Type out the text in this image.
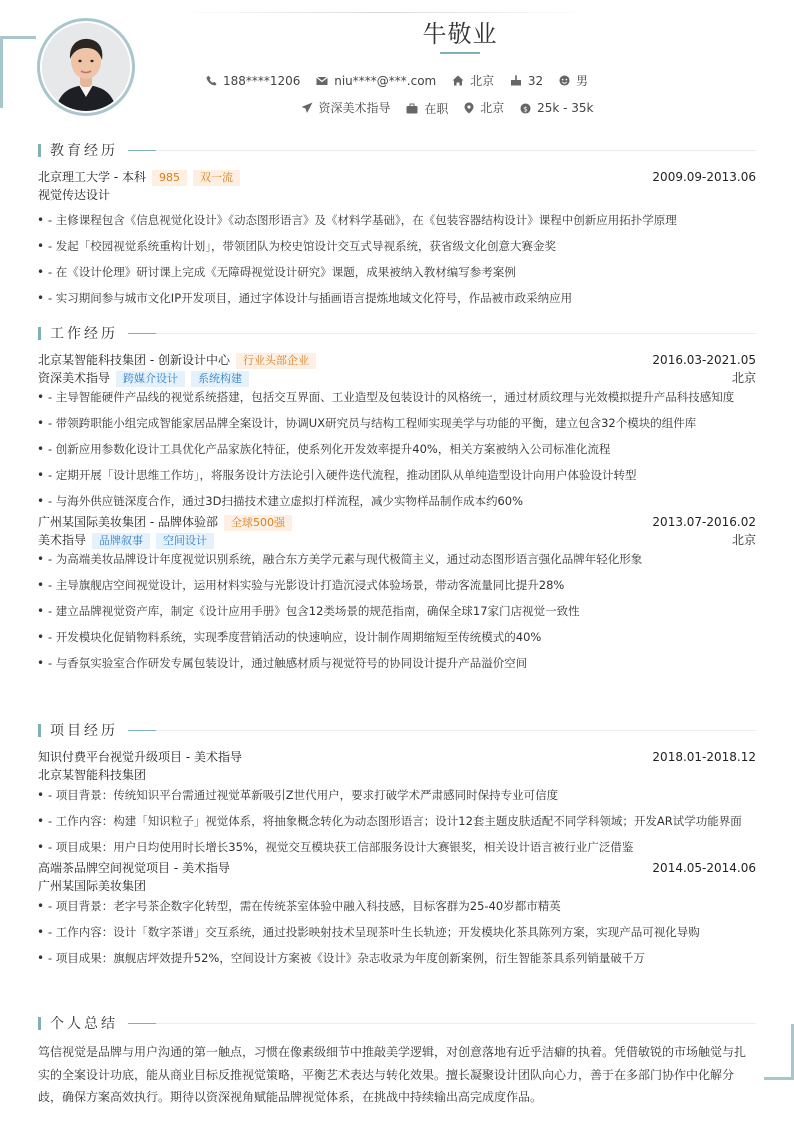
牛敬业
188****1206
	niu****@***.com
	北京
	32
	男
资深美术指导
	在职
	北京
$ 25k - 35k
教育经历
北京理工大学 - 本科 985 双一流	2009.09-2013.06
视觉传达设计
• - 主修课程包含《信息视觉化设计》《动态图形语言》及《材料学基础》，在《包装容器结构设计》课程中创新应用拓扑学原理
• - 发起「校园视觉系统重构计划」，带领团队为校史馆设计交互式导视系统，获省级文化创意大赛金奖
• - 在《设计伦理》研讨课上完成《无障碍视觉设计研究》课题，成果被纳入教材编写参考案例
• - 实习期间参与城市文化IP开发项目，通过字体设计与插画语言提炼地域文化符号，作品被市政采纳应用
工作经历
北京某智能科技集团 - 创新设计中心 行业头部企业	2016.03-2021.05
资深美术指导 跨媒介设计 系统构建	北京
• - 主导智能硬件产品线的视觉系统搭建，包括交互界面、工业造型及包装设计的风格统一，通过材质纹理与光效模拟提升产品科技感知度
• - 带领跨职能小组完成智能家居品牌全案设计，协调UX研究员与结构工程师实现美学与功能的平衡，建立包含32个模块的组件库
• - 创新应用参数化设计工具优化产品家族化特征，使系列化开发效率提升40%，相关方案被纳入公司标准化流程
• - 定期开展「设计思维工作坊」，将服务设计方法论引入硬件迭代流程，推动团队从单纯造型设计向用户体验设计转型
• - 与海外供应链深度合作，通过3D扫描技术建立虚拟打样流程，减少实物样品制作成本约60%
广州某国际美妆集团 - 品牌体验部 全球500强	2013.07-2016.02
美术指导 品牌叙事 空间设计	北京
• - 为高端美妆品牌设计年度视觉识别系统，融合东方美学元素与现代极简主义，通过动态图形语言强化品牌年轻化形象
• - 主导旗舰店空间视觉设计，运用材料实验与光影设计打造沉浸式体验场景，带动客流量同比提升28%
• - 建立品牌视觉资产库，制定《设计应用手册》包含12类场景的规范指南，确保全球17家门店视觉一致性
• - 开发模块化促销物料系统，实现季度营销活动的快速响应，设计制作周期缩短至传统模式的40%
• - 与香氛实验室合作研发专属包装设计，通过触感材质与视觉符号的协同设计提升产品溢价空间
项目经历
知识付费平台视觉升级项目 - 美术指导	2018.01-2018.12
北京某智能科技集团
• - 项目背景：传统知识平台需通过视觉革新吸引Z世代用户，要求打破学术严肃感同时保持专业可信度
• - 工作内容：构建「知识粒子」视觉体系，将抽象概念转化为动态图形语言；设计12套主题皮肤适配不同学科领域；开发AR试学功能界面
• - 项目成果：用户日均使用时长增长35%，视觉交互模块获工信部服务设计大赛银奖，相关设计语言被行业广泛借鉴
高端茶品牌空间视觉项目 - 美术指导	2014.05-2014.06
广州某国际美妆集团
• - 项目背景：老字号茶企数字化转型，需在传统茶室体验中融入科技感，目标客群为25-40岁都市精英
• - 工作内容：设计「数字茶谱」交互系统，通过投影映射技术呈现茶叶生长轨迹；开发模块化茶具陈列方案，实现产品可视化导购
• - 项目成果：旗舰店坪效提升52%，空间设计方案被《设计》杂志收录为年度创新案例，衍生智能茶具系列销量破千万
个人总结
笃信视觉是品牌与用户沟通的第一触点，习惯在像素级细节中推敲美学逻辑，对创意落地有近乎洁癖的执着。凭借敏锐的市场触觉与扎实的全案设计功底，能从商业目标反推视觉策略，平衡艺术表达与转化效果。擅长凝聚设计团队向心力，善于在多部门协作中化解分歧，确保方案高效执行。期待以资深视角赋能品牌视觉体系，在挑战中持续输出高完成度作品。
